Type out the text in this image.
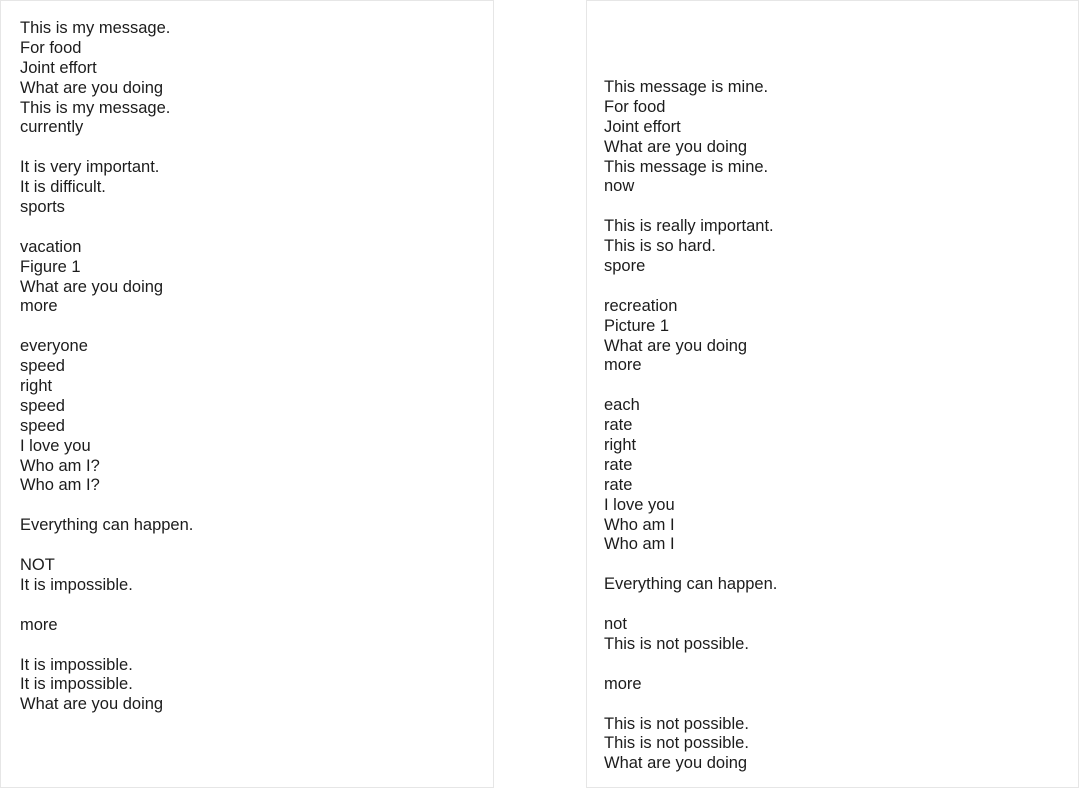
This is my message.
For food
Joint effort
What are you doing
This is my message.
currently
It is very important.
It is difficult.
sports
vacation
Figure 1
What are you doing
more
everyone
speed
right
speed
speed
I love you
Who am I?
Who am I?
Everything can happen.
NOT
It is impossible.
more
It is impossible.
It is impossible.
What are you doing
This message is mine.
For food
Joint effort
What are you doing
This message is mine.
now
This is really important.
This is so hard.
spore
recreation
Picture 1
What are you doing
more
each
rate
right
rate
rate
I love you
Who am I
Who am I
Everything can happen.
not
This is not possible.
more
This is not possible.
This is not possible.
What are you doing
